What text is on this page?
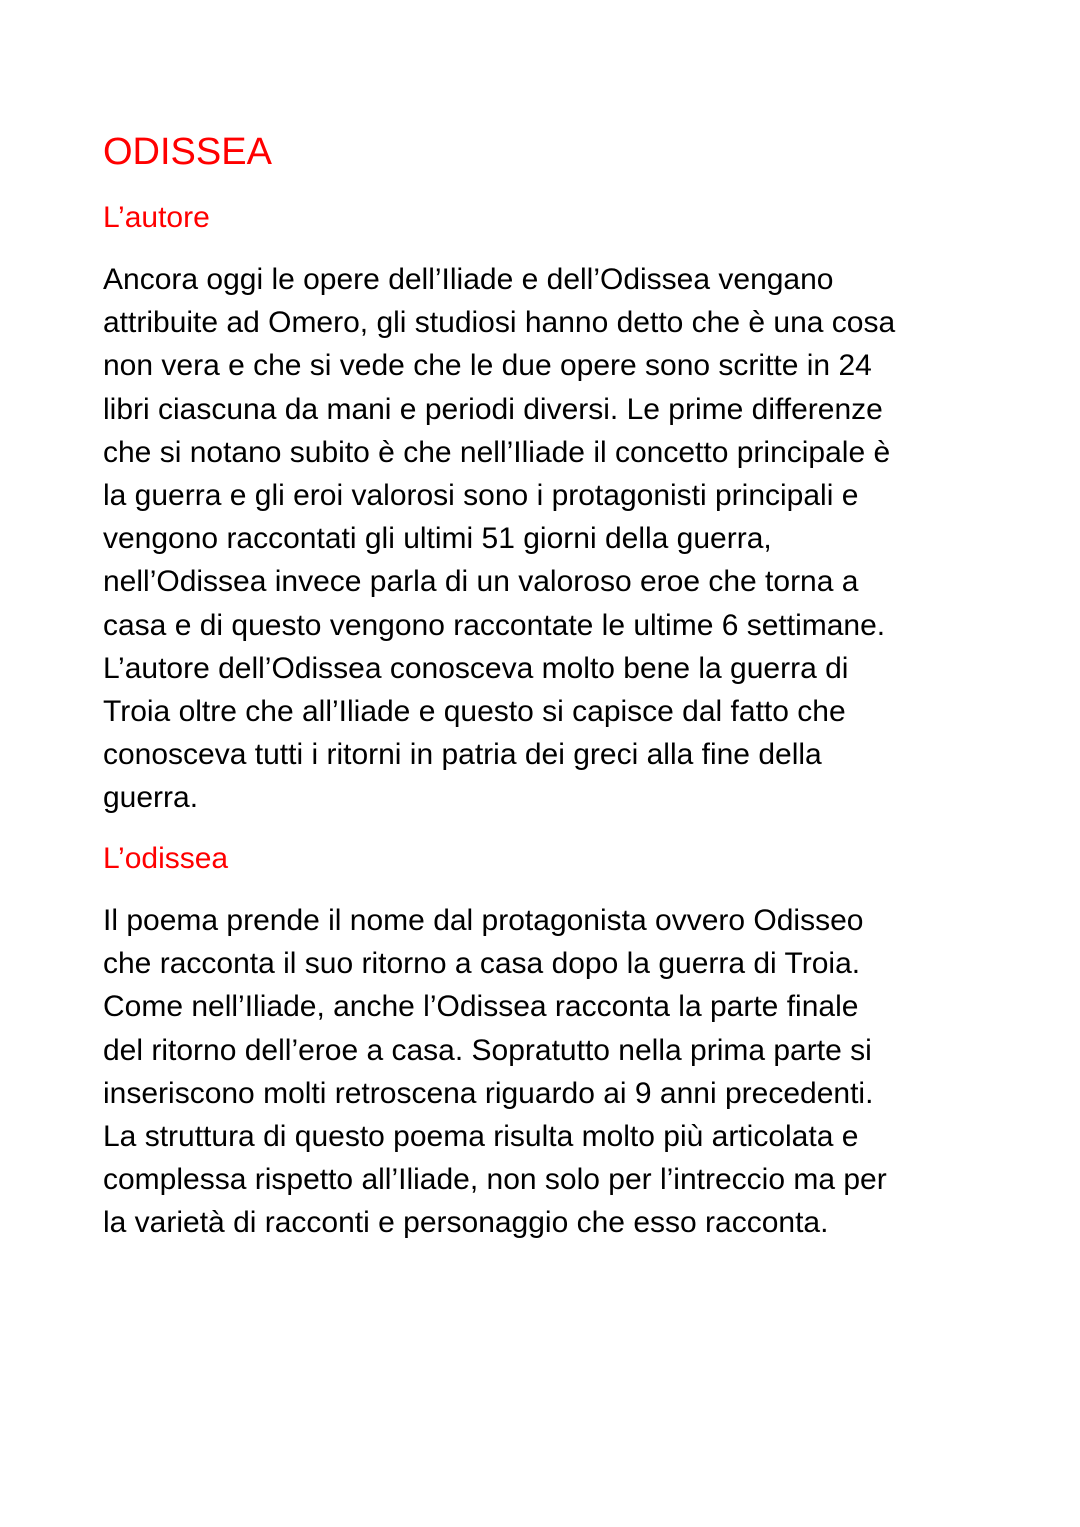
ODISSEA
L’autore

Ancora oggi le opere dell’Iliade e dell’Odissea vengano
attribuite ad Omero, gli studiosi hanno detto che è una cosa
non vera e che si vede che le due opere sono scritte in 24
libri ciascuna da mani e periodi diversi. Le prime differenze
che si notano subito è che nell’Iliade il concetto principale è
la guerra e gli eroi valorosi sono i protagonisti principali e
vengono raccontati gli ultimi 51 giorni della guerra,
nell’Odissea invece parla di un valoroso eroe che torna a
casa e di questo vengono raccontate le ultime 6 settimane.
L’autore dell’Odissea conosceva molto bene la guerra di
Troia oltre che all’Iliade e questo si capisce dal fatto che
conosceva tutti i ritorni in patria dei greci alla fine della
guerra.

L’odissea

Il poema prende il nome dal protagonista ovvero Odisseo
che racconta il suo ritorno a casa dopo la guerra di Troia.
Come nell’Iliade, anche l’Odissea racconta la parte finale
del ritorno dell’eroe a casa. Sopratutto nella prima parte si
inseriscono molti retroscena riguardo ai 9 anni precedenti.
La struttura di questo poema risulta molto più articolata e
complessa rispetto all’Iliade, non solo per l’intreccio ma per
la varietà di racconti e personaggio che esso racconta.
